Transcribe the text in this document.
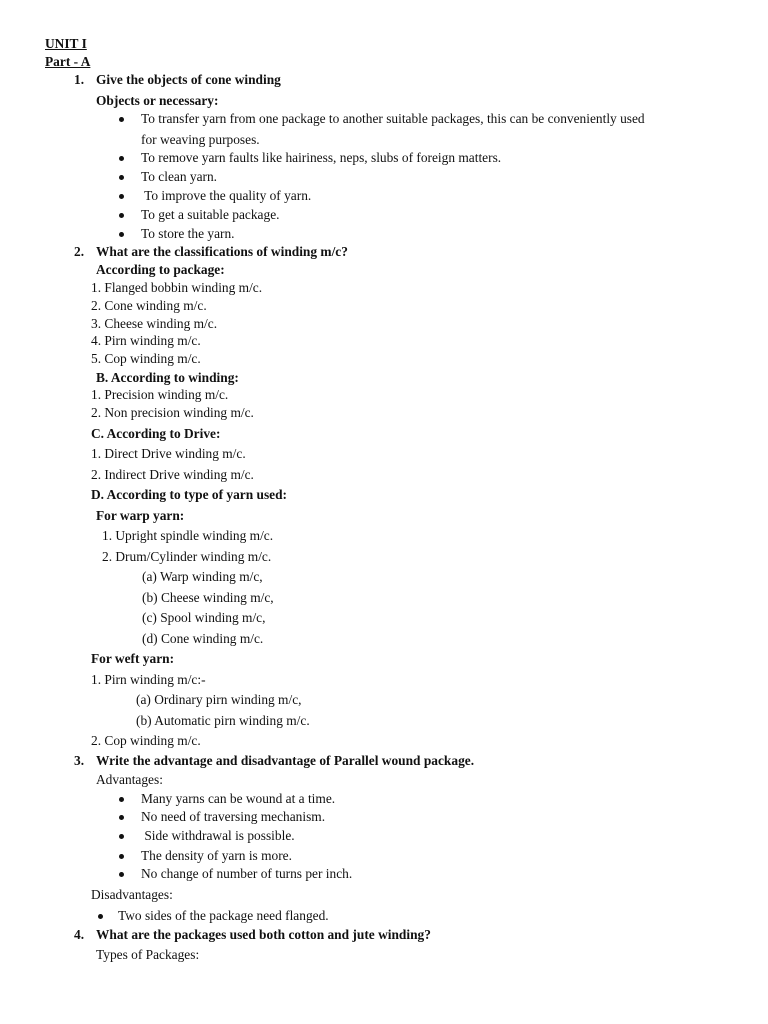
UNIT I
Part - A
1. Give the objects of cone winding
Objects or necessary:
To transfer yarn from one package to another suitable packages, this can be conveniently used
for weaving purposes.
To remove yarn faults like hairiness, neps, slubs of foreign matters.
To clean yarn.
To improve the quality of yarn.
To get a suitable package.
To store the yarn.
2. What are the classifications of winding m/c?
According to package:
1. Flanged bobbin winding m/c.
2. Cone winding m/c.
3. Cheese winding m/c.
4. Pirn winding m/c.
5. Cop winding m/c.
B. According to winding:
1. Precision winding m/c.
2. Non precision winding m/c.
C. According to Drive:
1. Direct Drive winding m/c.
2. Indirect Drive winding m/c.
D. According to type of yarn used:
For warp yarn:
1. Upright spindle winding m/c.
2. Drum/Cylinder winding m/c.
(a) Warp winding m/c,
(b) Cheese winding m/c,
(c) Spool winding m/c,
(d) Cone winding m/c.
For weft yarn:
1. Pirn winding m/c:-
(a) Ordinary pirn winding m/c,
(b) Automatic pirn winding m/c.
2. Cop winding m/c.
3. Write the advantage and disadvantage of Parallel wound package.
Advantages:
Many yarns can be wound at a time.
No need of traversing mechanism.
Side withdrawal is possible.
The density of yarn is more.
No change of number of turns per inch.
Disadvantages:
Two sides of the package need flanged.
4. What are the packages used both cotton and jute winding?
Types of Packages:
